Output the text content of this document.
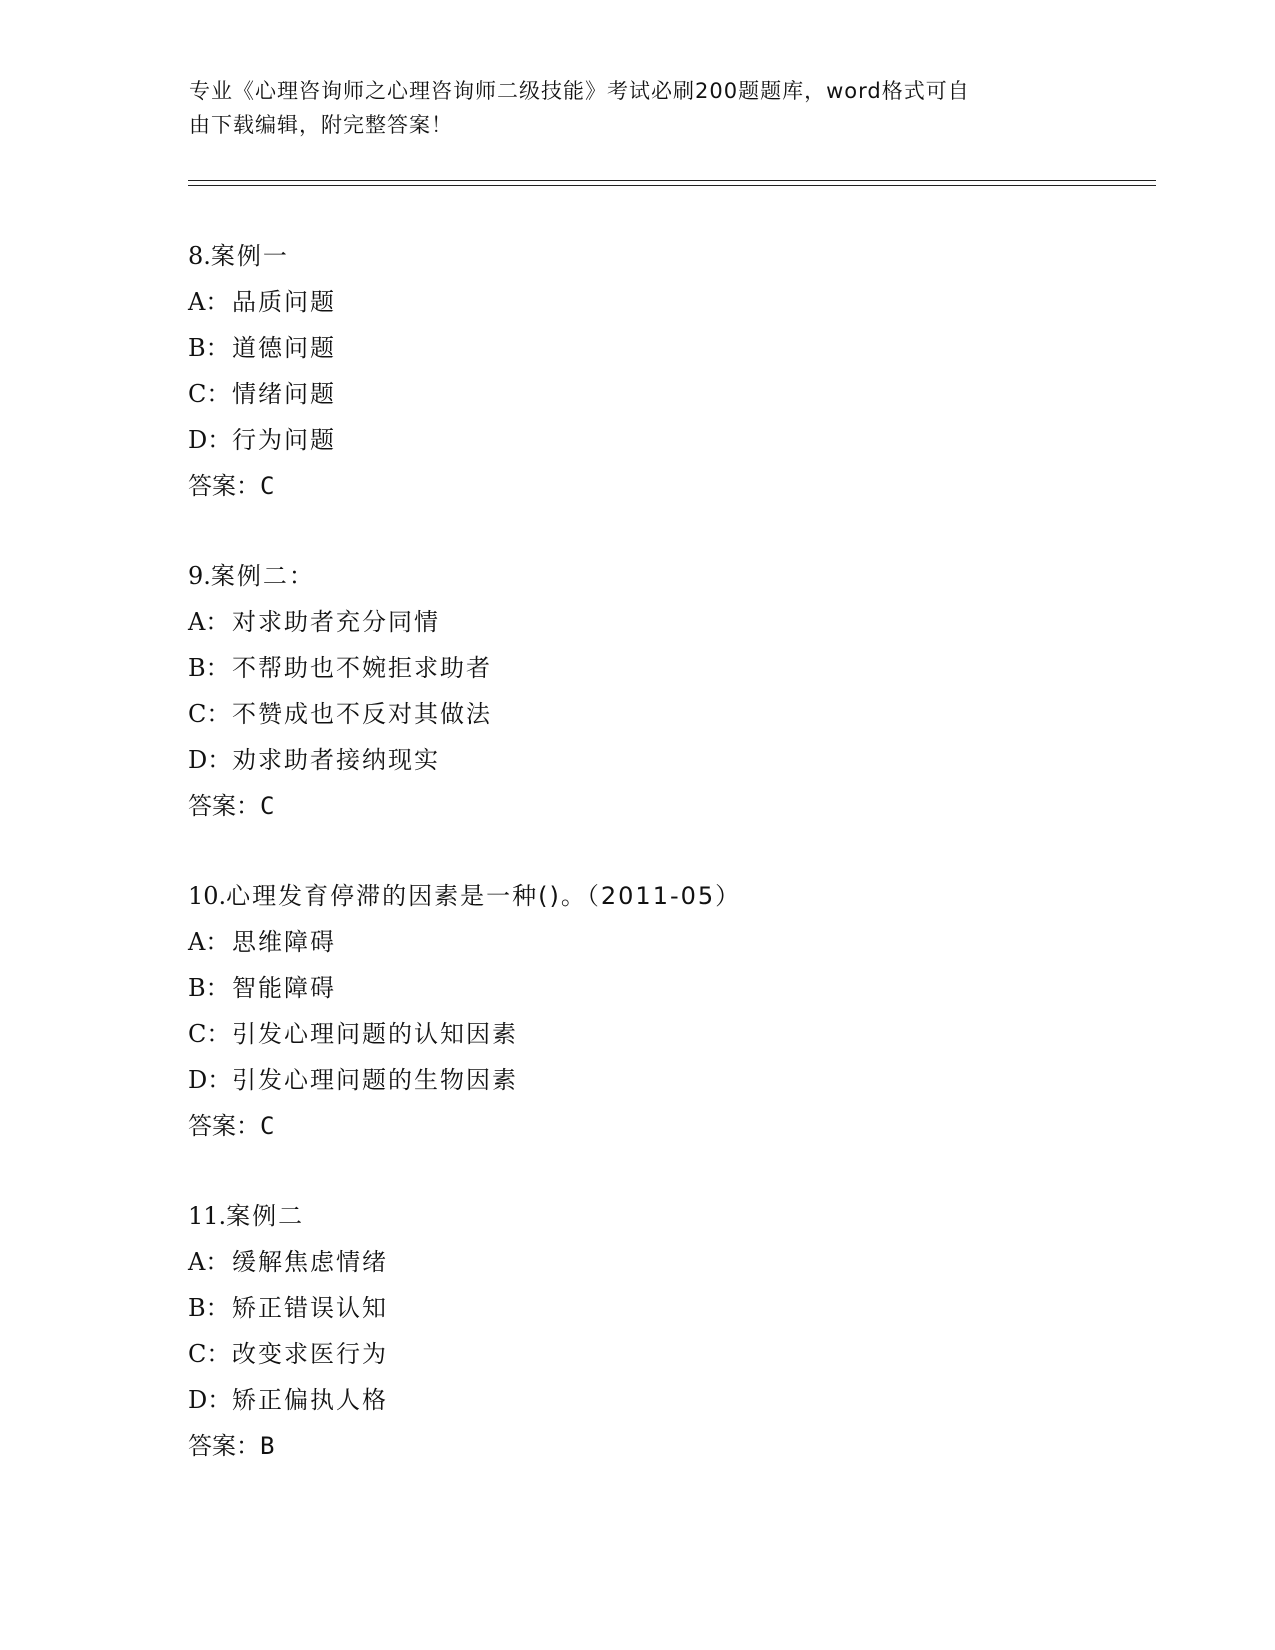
专业《心理咨询师之心理咨询师二级技能》考试必刷200题题库，word格式可自
由下载编辑，附完整答案！
8.案例一
A： 品质问题
B：道德问题
C：情绪问题
D：行为问题
答案：C
9.案例二：
A： 对求助者充分同情
B：不帮助也不婉拒求助者
C：不赞成也不反对其做法
D：劝求助者接纳现实
答案：C
10.心理发育停滞的因素是一种()。（2011-05）
A： 思维障碍
B：智能障碍
C：引发心理问题的认知因素
D：引发心理问题的生物因素
答案：C
11.案例二
A： 缓解焦虑情绪
B：矫正错误认知
C：改变求医行为
D：矫正偏执人格
答案：B
